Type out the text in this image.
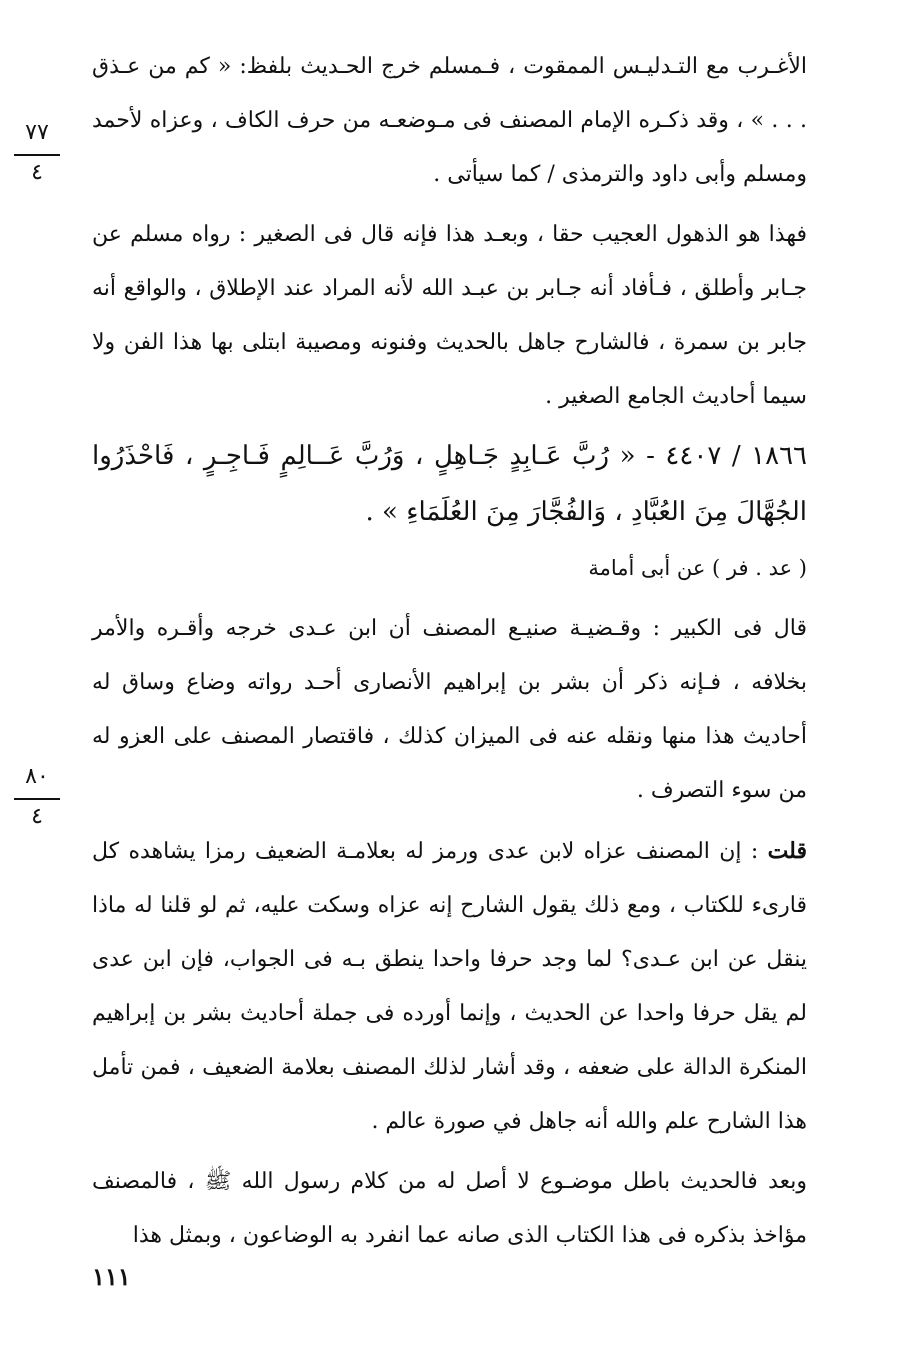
٧٧
٤
٨٠
٤

الأغـرب مع التـدليـس الممقوت ، فـمسلم خرج الحـديث بلفظ: « كم من عـذق . . . » ، وقد ذكـره الإمام المصنف فى مـوضعـه من حرف الكاف ، وعزاه لأحمد ومسلم وأبى داود والترمذى / كما سيأتى .

فهذا هو الذهول العجيب حقا ، وبعـد هذا فإنه قال فى الصغير : رواه مسلم عن جـابر وأطلق ، فـأفاد أنه جـابر بن عبـد الله لأنه المراد عند الإطلاق ، والواقع أنه جابر بن سمرة ، فالشارح جاهل بالحديث وفنونه ومصيبة ابتلى بها هذا الفن ولا سيما أحاديث الجامع الصغير .

١٨٦٦ / ٤٤٠٧ - « رُبَّ عَـابِدٍ جَـاهِلٍ ، وَرُبَّ عَــالِمٍ فَـاجِـرٍ ، فَاحْذَرُوا الجُهَّالَ مِنَ العُبَّادِ ، وَالفُجَّارَ مِنَ العُلَمَاءِ » .

( عد . فر ) عن أبى أمامة

قال فى الكبير : وقـضيـة صنيـع المصنف أن ابن عـدى خرجه وأقـره والأمر بخلافه ، فـإنه ذكر أن بشر بن إبراهيم الأنصارى أحـد رواته وضاع وساق له أحاديث هذا منها ونقله عنه فى الميزان كذلك ، فاقتصار المصنف على العزو له من سوء التصرف .

قلت : إن المصنف عزاه لابن عدى ورمز له بعلامـة الضعيف رمزا يشاهده كل قارىء للكتاب ، ومع ذلك يقول الشارح إنه عزاه وسكت عليه، ثم لو قلنا له ماذا ينقل عن ابن عـدى؟ لما وجد حرفا واحدا ينطق بـه فى الجواب، فإن ابن عدى لم يقل حرفا واحدا عن الحديث ، وإنما أورده فى جملة أحاديث بشر بن إبراهيم المنكرة الدالة على ضعفه ، وقد أشار لذلك المصنف بعلامة الضعيف ، فمن تأمل هذا الشارح علم والله أنه جاهل في صورة عالم .

وبعد فالحديث باطل موضـوع لا أصل له من كلام رسول الله ﷺ ، فالمصنف مؤاخذ بذكره فى هذا الكتاب الذى صانه عما انفرد به الوضاعون ، وبمثل هذا

١١١
